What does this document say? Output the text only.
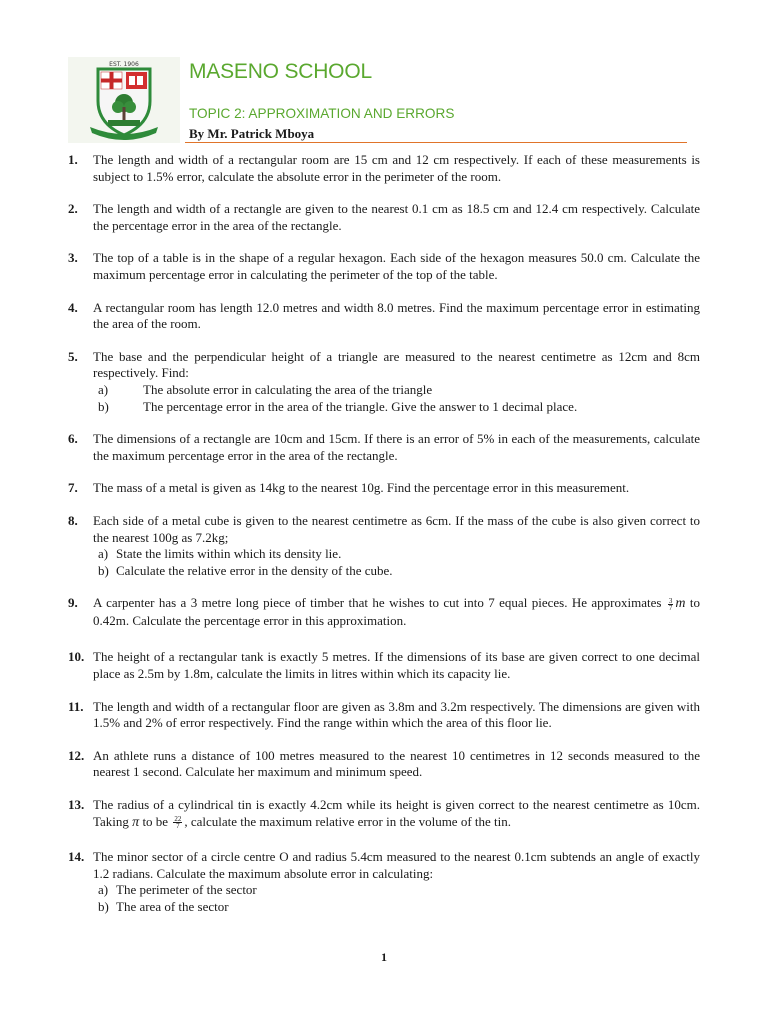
EST. 1906 MASENO SCHOOL
TOPIC 2: APPROXIMATION AND ERRORS
By Mr. Patrick Mboya
1. The length and width of a rectangular room are 15 cm and 12 cm respectively. If each of these measurements is subject to 1.5% error, calculate the absolute error in the perimeter of the room.
2. The length and width of a rectangle are given to the nearest 0.1 cm as 18.5 cm and 12.4 cm respectively. Calculate the percentage error in the area of the rectangle.
3. The top of a table is in the shape of a regular hexagon. Each side of the hexagon measures 50.0 cm. Calculate the maximum percentage error in calculating the perimeter of the top of the table.
4. A rectangular room has length 12.0 metres and width 8.0 metres. Find the maximum percentage error in estimating the area of the room.
5. The base and the perpendicular height of a triangle are measured to the nearest centimetre as 12cm and 8cm respectively. Find:
a)	The absolute error in calculating the area of the triangle
b)	The percentage error in the area of the triangle. Give the answer to 1 decimal place.
6. The dimensions of a rectangle are 10cm and 15cm. If there is an error of 5% in each of the measurements, calculate the maximum percentage error in the area of the rectangle.
7. The mass of a metal is given as 14kg to the nearest 10g. Find the percentage error in this measurement.
8. Each side of a metal cube is given to the nearest centimetre as 6cm. If the mass of the cube is also given correct to the nearest 100g as 7.2kg;
a) State the limits within which its density lie.
b) Calculate the relative error in the density of the cube.
9. A carpenter has a 3 metre long piece of timber that he wishes to cut into 7 equal pieces. He approximates $\frac{3}{7}$ m to 0.42m. Calculate the percentage error in this approximation.
10. The height of a rectangular tank is exactly 5 metres. If the dimensions of its base are given correct to one decimal place as 2.5m by 1.8m, calculate the limits in litres within which its capacity lie.
11. The length and width of a rectangular floor are given as 3.8m and 3.2m respectively. The dimensions are given with 1.5% and 2% of error respectively. Find the range within which the area of this floor lie.
12. An athlete runs a distance of 100 metres measured to the nearest 10 centimetres in 12 seconds measured to the nearest 1 second. Calculate her maximum and minimum speed.
13. The radius of a cylindrical tin is exactly 4.2cm while its height is given correct to the nearest centimetre as 10cm. Taking π to be $\frac{22}{7}$ , calculate the maximum relative error in the volume of the tin.
14. The minor sector of a circle centre O and radius 5.4cm measured to the nearest 0.1cm subtends an angle of exactly 1.2 radians. Calculate the maximum absolute error in calculating:
a) The perimeter of the sector
b) The area of the sector
1
